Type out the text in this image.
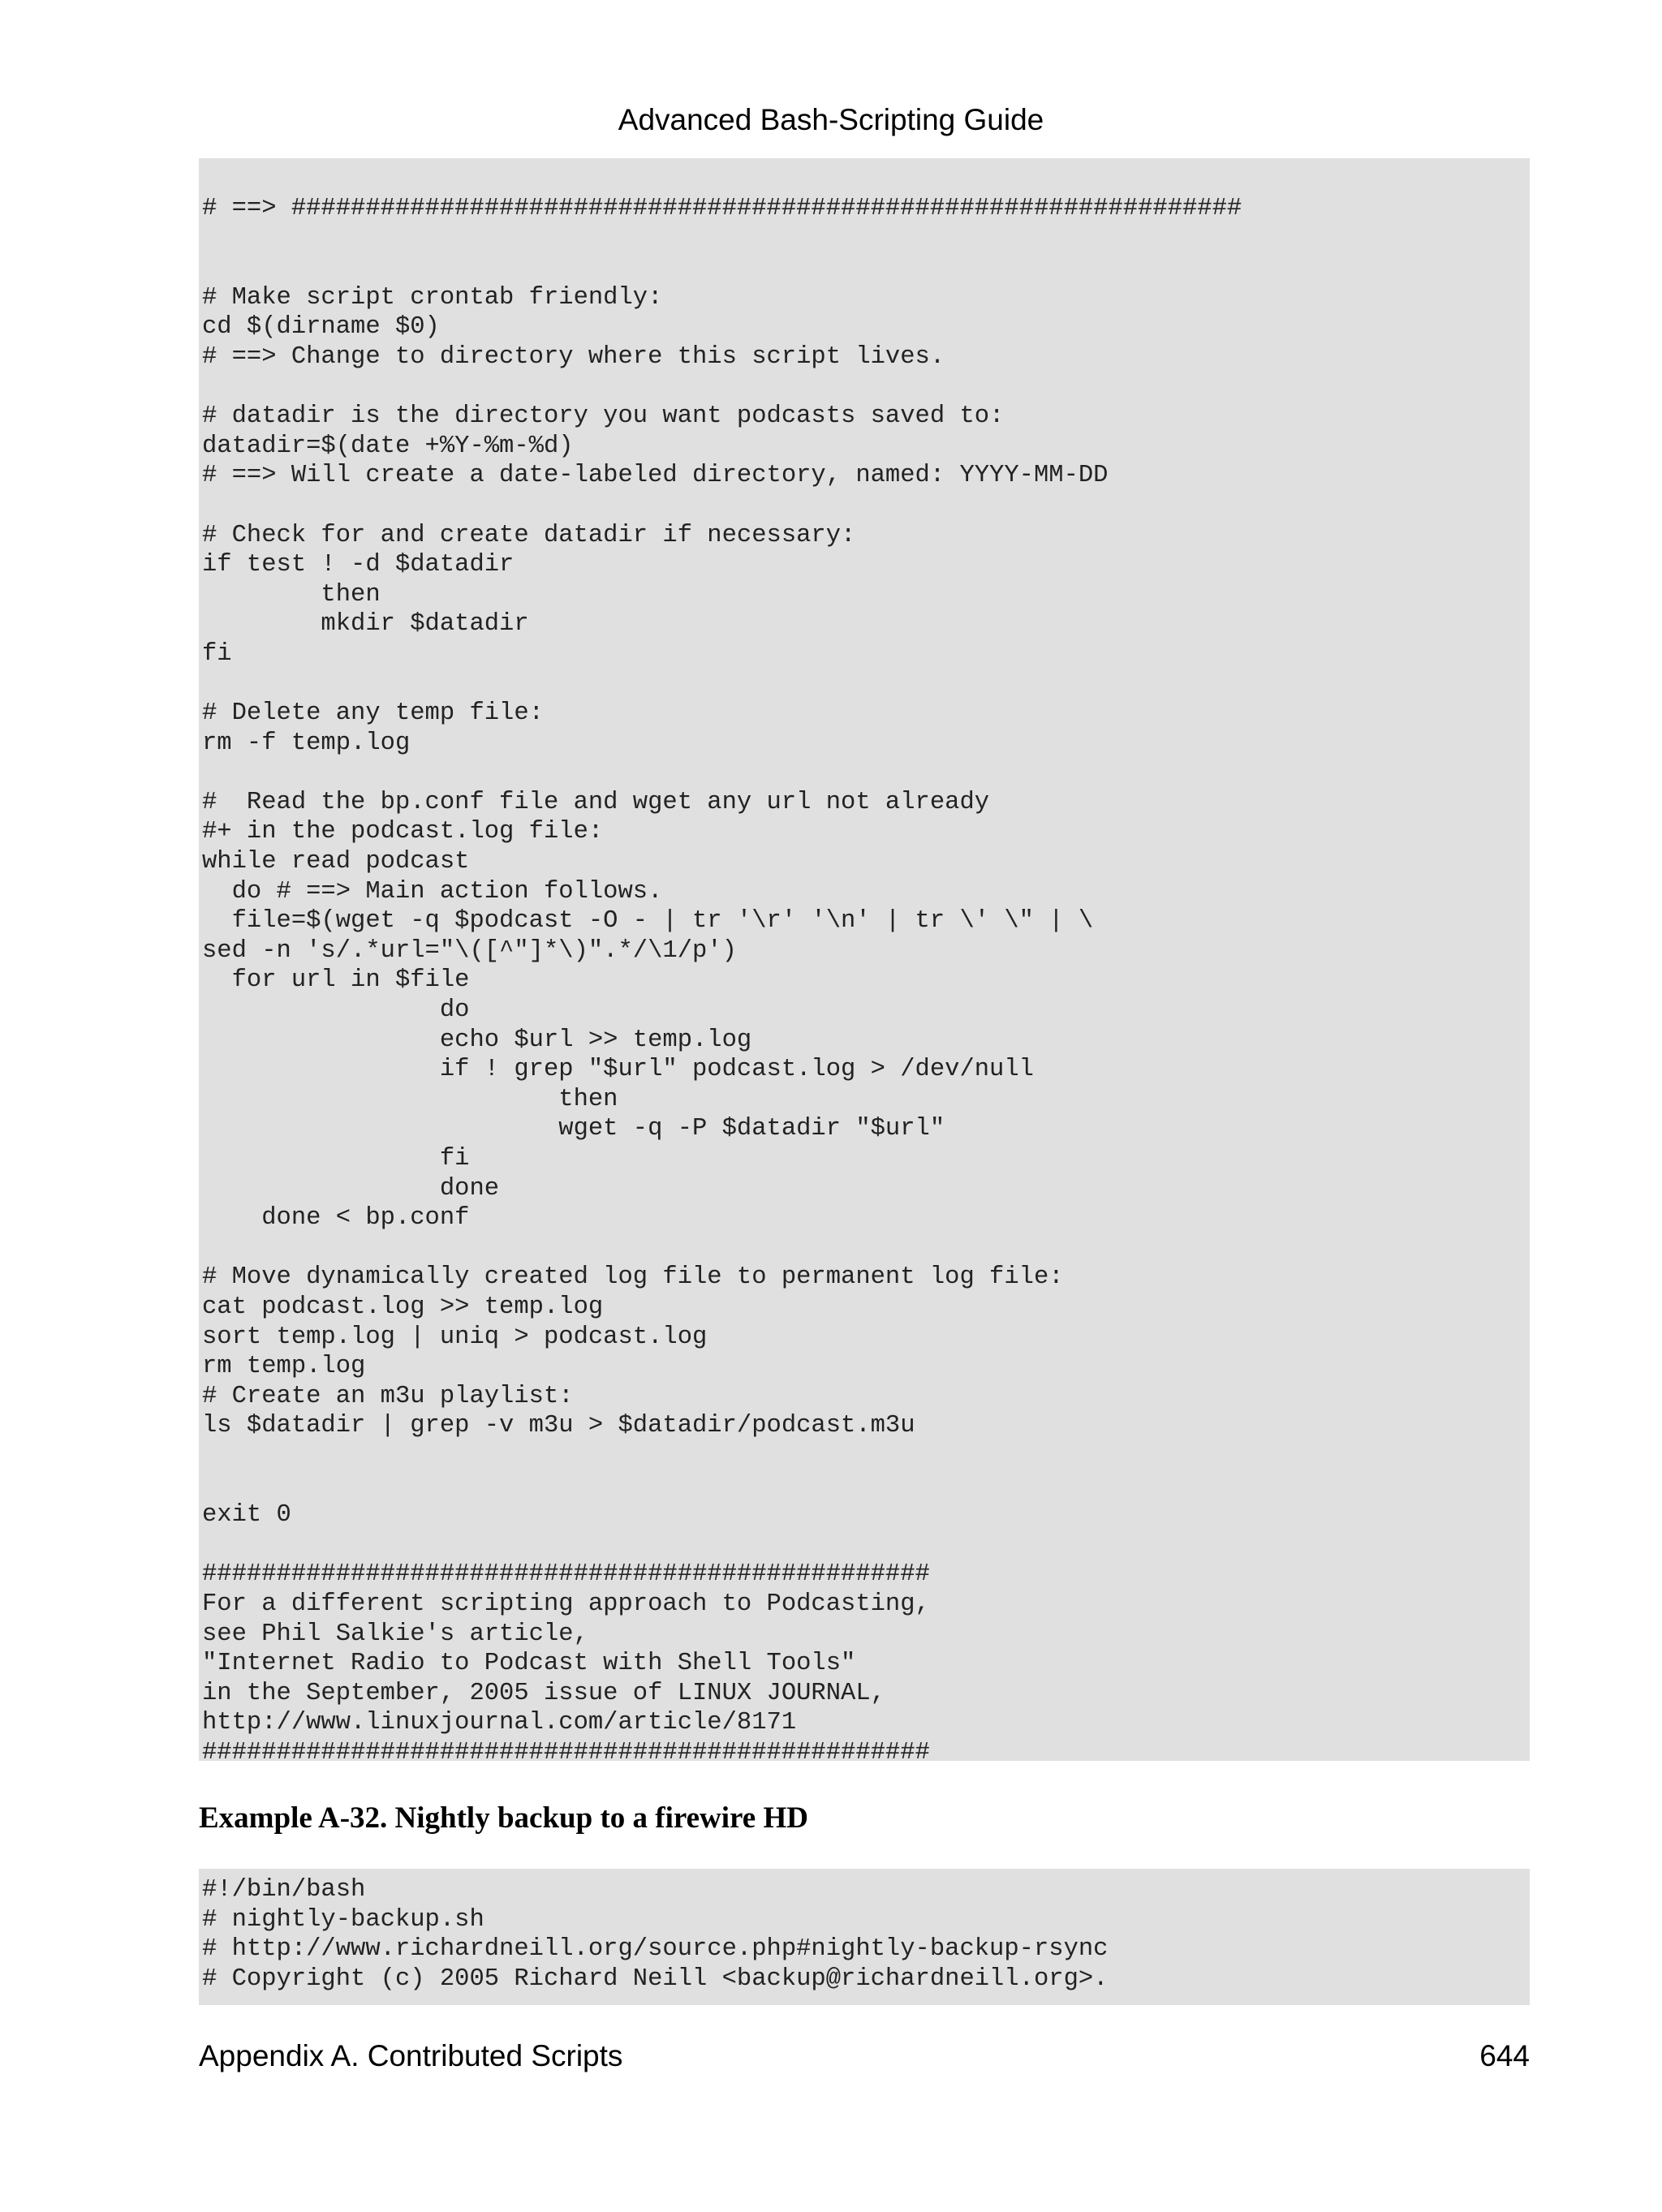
Advanced Bash-Scripting Guide
# ==> ################################################################

# Make script crontab friendly:
cd $(dirname $0)
# ==> Change to directory where this script lives.

# datadir is the directory you want podcasts saved to:
datadir=$(date +%Y-%m-%d)
# ==> Will create a date-labeled directory, named: YYYY-MM-DD

# Check for and create datadir if necessary:
if test ! -d $datadir
then
mkdir $datadir
fi

# Delete any temp file:
rm -f temp.log

#  Read the bp.conf file and wget any url not already
#+ in the podcast.log file:
while read podcast
do # ==> Main action follows.
file=$(wget -q $podcast -O - | tr '\r' '\n' | tr \' \" | \
sed -n 's/.*url="\([^"]*\)".*/\1/p')
for url in $file
do
echo $url >> temp.log
if ! grep "$url" podcast.log > /dev/null
then
wget -q -P $datadir "$url"
fi
done
done < bp.conf

# Move dynamically created log file to permanent log file:
cat podcast.log >> temp.log
sort temp.log | uniq > podcast.log
rm temp.log
# Create an m3u playlist:
ls $datadir | grep -v m3u > $datadir/podcast.m3u

exit 0

#################################################
For a different scripting approach to Podcasting,
see Phil Salkie's article,
"Internet Radio to Podcast with Shell Tools"
in the September, 2005 issue of LINUX JOURNAL,
http://www.linuxjournal.com/article/8171
#################################################
Example A-32. Nightly backup to a firewire HD
#!/bin/bash
# nightly-backup.sh
# http://www.richardneill.org/source.php#nightly-backup-rsync
# Copyright (c) 2005 Richard Neill <backup@richardneill.org>.
Appendix A. Contributed Scripts	644
